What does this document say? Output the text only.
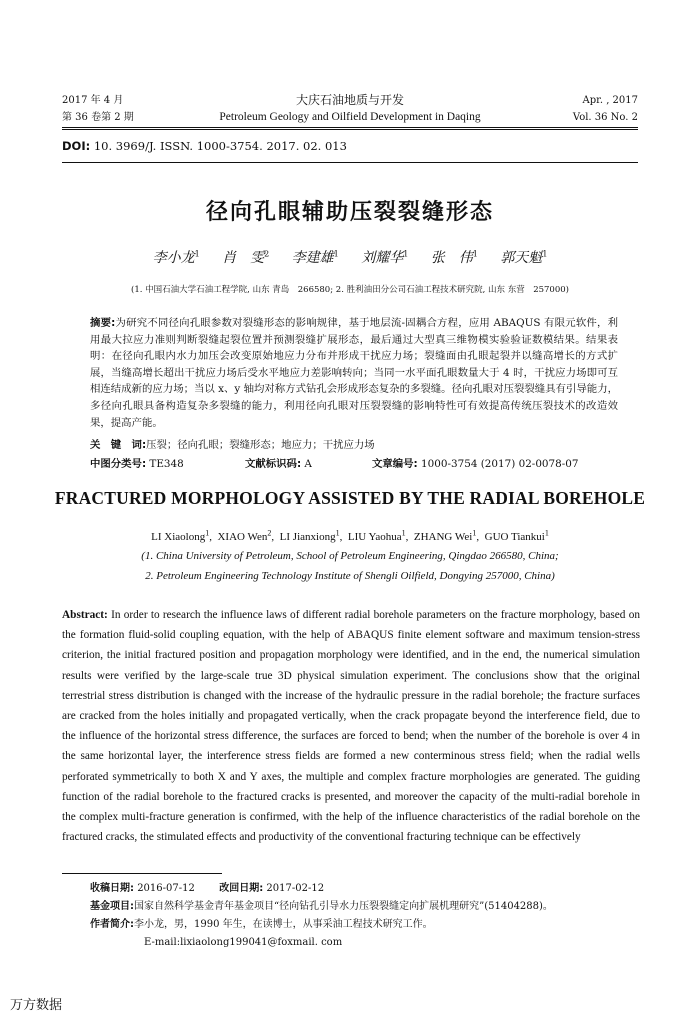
2017 年 4 月
第 36 卷第 2 期
大庆石油地质与开发
Petroleum Geology and Oilfield Development in Daqing
Apr. , 2017
Vol. 36 No. 2
DOI: 10. 3969/J. ISSN. 1000-3754. 2017. 02. 013
径向孔眼辅助压裂裂缝形态
李小龙$^1$ 肖　雯$^2$ 李建雄$^1$ 刘耀华$^1$ 张　伟$^1$ 郭天魁$^1$
(1. 中国石油大学石油工程学院, 山东 青岛　266580; 2. 胜利油田分公司石油工程技术研究院, 山东 东营　257000)
摘要:为研究不同径向孔眼参数对裂缝形态的影响规律，基于地层流-固耦合方程，应用 ABAQUS 有限元软件，利用最大拉应力准则判断裂缝起裂位置并预测裂缝扩展形态，最后通过大型真三维物模实验验证数模结果。结果表明：在径向孔眼内水力加压会改变原始地应力分布并形成干扰应力场；裂缝面由孔眼起裂并以缝高增长的方式扩展，当缝高增长超出干扰应力场后受水平地应力差影响转向；当同一水平面孔眼数量大于 4 时，干扰应力场即可互相连结成新的应力场；当以 x、y 轴均对称方式钻孔会形成形态复杂的多裂缝。径向孔眼对压裂裂缝具有引导能力，多径向孔眼具备构造复杂多裂缝的能力，利用径向孔眼对压裂裂缝的影响特性可有效提高传统压裂技术的改造效果，提高产能。
关　键　词:压裂；径向孔眼；裂缝形态；地应力；干扰应力场
中图分类号: TE348	文献标识码: A	文章编号: 1000-3754 (2017) 02-0078-07
FRACTURED MORPHOLOGY ASSISTED BY THE RADIAL BOREHOLE
LI Xiaolong$^1$,  XIAO Wen$^2$,  LI Jianxiong$^1$,  LIU Yaohua$^1$,  ZHANG Wei$^1$,  GUO Tiankui$^1$
(1. China University of Petroleum, School of Petroleum Engineering, Qingdao 266580, China;
2. Petroleum Engineering Technology Institute of Shengli Oilfield, Dongying 257000, China)
Abstract: In order to research the influence laws of different radial borehole parameters on the fracture morphology, based on the formation fluid-solid coupling equation, with the help of ABAQUS finite element software and maximum tension-stress criterion, the initial fractured position and propagation morphology were identified, and in the end, the numerical simulation results were verified by the large-scale true 3D physical simulation experiment. The conclusions show that the original terrestrial stress distribution is changed with the increase of the hydraulic pressure in the radial borehole; the fracture surfaces are cracked from the holes initially and propagated vertically, when the crack propagate beyond the interference field, due to the influence of the horizontal stress difference, the surfaces are forced to bend; when the number of the borehole is over 4 in the same horizontal layer, the interference stress fields are formed a new conterminous stress field; when the radial wells perforated symmetrically to both X and Y axes, the multiple and complex fracture morphologies are generated. The guiding function of the radial borehole to the fractured cracks is presented, and moreover the capacity of the multi-radial borehole in the complex multi-fracture generation is confirmed, with the help of the influence characteristics of the radial borehole on the fractured cracks, the stimulated effects and productivity of the conventional fracturing technique can be effectively
收稿日期: 2016-07-12 改回日期: 2017-02-12
基金项目:国家自然科学基金青年基金项目“径向钻孔引导水力压裂裂缝定向扩展机理研究”(51404288)。
作者简介:李小龙，男，1990 年生，在读博士，从事采油工程技术研究工作。
E-mail:lixiaolong199041@foxmail. com
万方数据
